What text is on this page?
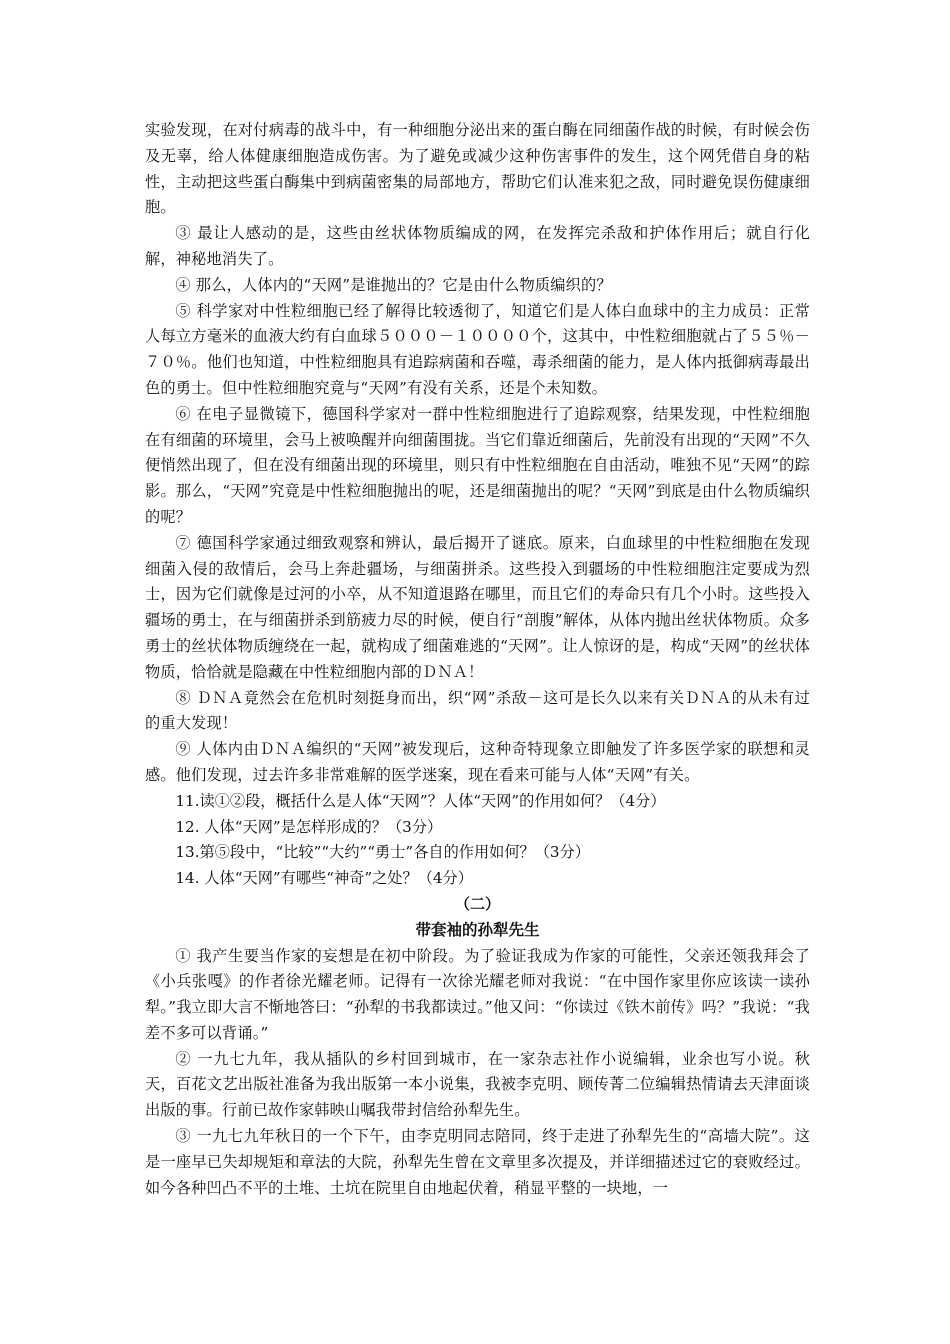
实验发现，在对付病毒的战斗中，有一种细胞分泌出来的蛋白酶在同细菌作战的时候，有时候会伤及无辜，给人体健康细胞造成伤害。为了避免或减少这种伤害事件的发生，这个网凭借自身的粘性，主动把这些蛋白酶集中到病菌密集的局部地方，帮助它们认准来犯之敌，同时避免误伤健康细胞。

③ 最让人感动的是，这些由丝状体物质编成的网，在发挥完杀敌和护体作用后；就自行化解，神秘地消失了。

④ 那么，人体内的“天网”是谁抛出的？它是由什么物质编织的？

⑤ 科学家对中性粒细胞已经了解得比较透彻了，知道它们是人体白血球中的主力成员：正常人每立方毫米的血液大约有白血球５０００－１００００个，这其中，中性粒细胞就占了５５％－７０％。他们也知道，中性粒细胞具有追踪病菌和吞噬，毒杀细菌的能力，是人体内抵御病毒最出色的勇士。但中性粒细胞究竟与“天网”有没有关系，还是个未知数。

⑥ 在电子显微镜下，德国科学家对一群中性粒细胞进行了追踪观察，结果发现，中性粒细胞在有细菌的环境里，会马上被唤醒并向细菌围拢。当它们靠近细菌后，先前没有出现的“天网”不久便悄然出现了，但在没有细菌出现的环境里，则只有中性粒细胞在自由活动，唯独不见“天网”的踪影。那么，“天网”究竟是中性粒细胞抛出的呢，还是细菌抛出的呢？“天网”到底是由什么物质编织的呢？

⑦ 德国科学家通过细致观察和辨认，最后揭开了谜底。原来，白血球里的中性粒细胞在发现细菌入侵的敌情后，会马上奔赴疆场，与细菌拼杀。这些投入到疆场的中性粒细胞注定要成为烈士，因为它们就像是过河的小卒，从不知道退路在哪里，而且它们的寿命只有几个小时。这些投入疆场的勇士，在与细菌拼杀到筋疲力尽的时候，便自行“剖腹”解体，从体内抛出丝状体物质。众多勇士的丝状体物质缠绕在一起，就构成了细菌难逃的“天网”。让人惊讶的是，构成“天网”的丝状体物质，恰恰就是隐藏在中性粒细胞内部的ＤＮＡ！

⑧ ＤＮＡ竟然会在危机时刻挺身而出，织“网”杀敌－这可是长久以来有关ＤＮＡ的从未有过的重大发现！

⑨ 人体内由ＤＮＡ编织的“天网”被发现后，这种奇特现象立即触发了许多医学家的联想和灵感。他们发现，过去许多非常难解的医学迷案，现在看来可能与人体“天网”有关。

11.读①②段，概括什么是人体“天网”？人体“天网”的作用如何？（4分）

12. 人体“天网”是怎样形成的？（3分）

13.第⑤段中，“比较”“大约”“勇士”各自的作用如何？（3分）

14. 人体“天网”有哪些“神奇”之处？（4分）

（二）

带套袖的孙犁先生

① 我产生要当作家的妄想是在初中阶段。为了验证我成为作家的可能性，父亲还领我拜会了《小兵张嘎》的作者徐光耀老师。记得有一次徐光耀老师对我说：“在中国作家里你应该读一读孙犁。”我立即大言不惭地答曰：“孙犁的书我都读过。”他又问：“你读过《铁木前传》吗？”我说：“我差不多可以背诵。”

② 一九七九年，我从插队的乡村回到城市，在一家杂志社作小说编辑，业余也写小说。秋天，百花文艺出版社准备为我出版第一本小说集，我被李克明、顾传菁二位编辑热情请去天津面谈出版的事。行前已故作家韩映山嘱我带封信给孙犁先生。

③ 一九七九年秋日的一个下午，由李克明同志陪同，终于走进了孙犁先生的“高墙大院”。这是一座早已失却规矩和章法的大院，孙犁先生曾在文章里多次提及，并详细描述过它的衰败经过。如今各种凹凸不平的土堆、土坑在院里自由地起伏着，稍显平整的一块地，一
